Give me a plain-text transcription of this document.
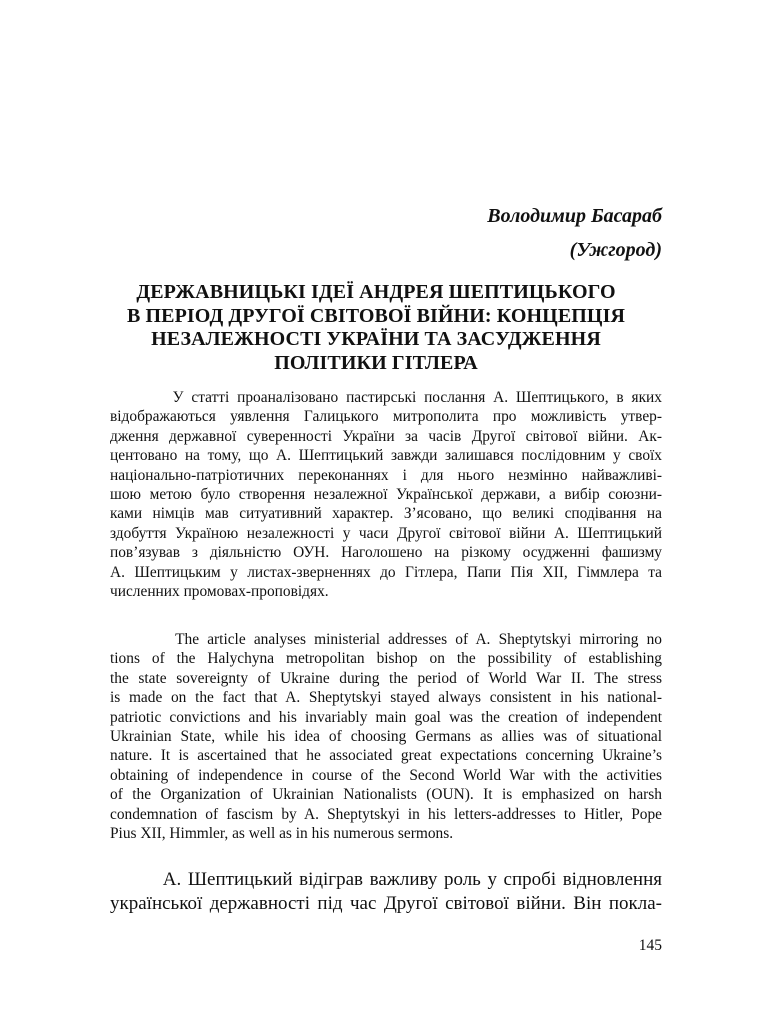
Володимир Басараб
(Ужгород)
ДЕРЖАВНИЦЬКІ ІДЕЇ АНДРЕЯ ШЕПТИЦЬКОГО
В ПЕРІОД ДРУГОЇ СВІТОВОЇ ВІЙНИ: КОНЦЕПЦІЯ
НЕЗАЛЕЖНОСТІ УКРАЇНИ ТА ЗАСУДЖЕННЯ
ПОЛІТИКИ ГІТЛЕРА
У статті проаналізовано пастирські послання А. Шептицького, в яких
відображаються уявлення Галицького митрополита про можливість утвер-
дження державної суверенності України за часів Другої світової війни. Ак-
центовано на тому, що А. Шептицький завжди залишався послідовним у своїх
національно-патріотичних переконаннях і для нього незмінно найважливі-
шою метою було створення незалежної Української держави, а вибір союзни-
ками німців мав ситуативний характер. З’ясовано, що великі сподівання на
здобуття Україною незалежності у часи Другої світової війни А. Шептицький
пов’язував з діяльністю ОУН. Наголошено на різкому осудженні фашизму
А. Шептицьким у листах-зверненнях до Гітлера, Папи Пія XII, Гіммлера та
численних промовах-проповідях.
The article analyses ministerial addresses of A. Sheptytskyi mirroring no
tions of the Halychyna metropolitan bishop on the possibility of establishing
the state sovereignty of Ukraine during the period of World War II. The stress
is made on the fact that A. Sheptytskyi stayed always consistent in his national-
patriotic convictions and his invariably main goal was the creation of independent
Ukrainian State, while his idea of choosing Germans as allies was of situational
nature. It is ascertained that he associated great expectations concerning Ukraine’s
obtaining of independence in course of the Second World War with the activities
of the Organization of Ukrainian Nationalists (OUN). It is emphasized on harsh
condemnation of fascism by A. Sheptytskyi in his letters-addresses to Hitler, Pope
Pius XII, Himmler, as well as in his numerous sermons.
А. Шептицький відіграв важливу роль у спробі відновлення
української державності під час Другої світової війни. Він покла-
145
